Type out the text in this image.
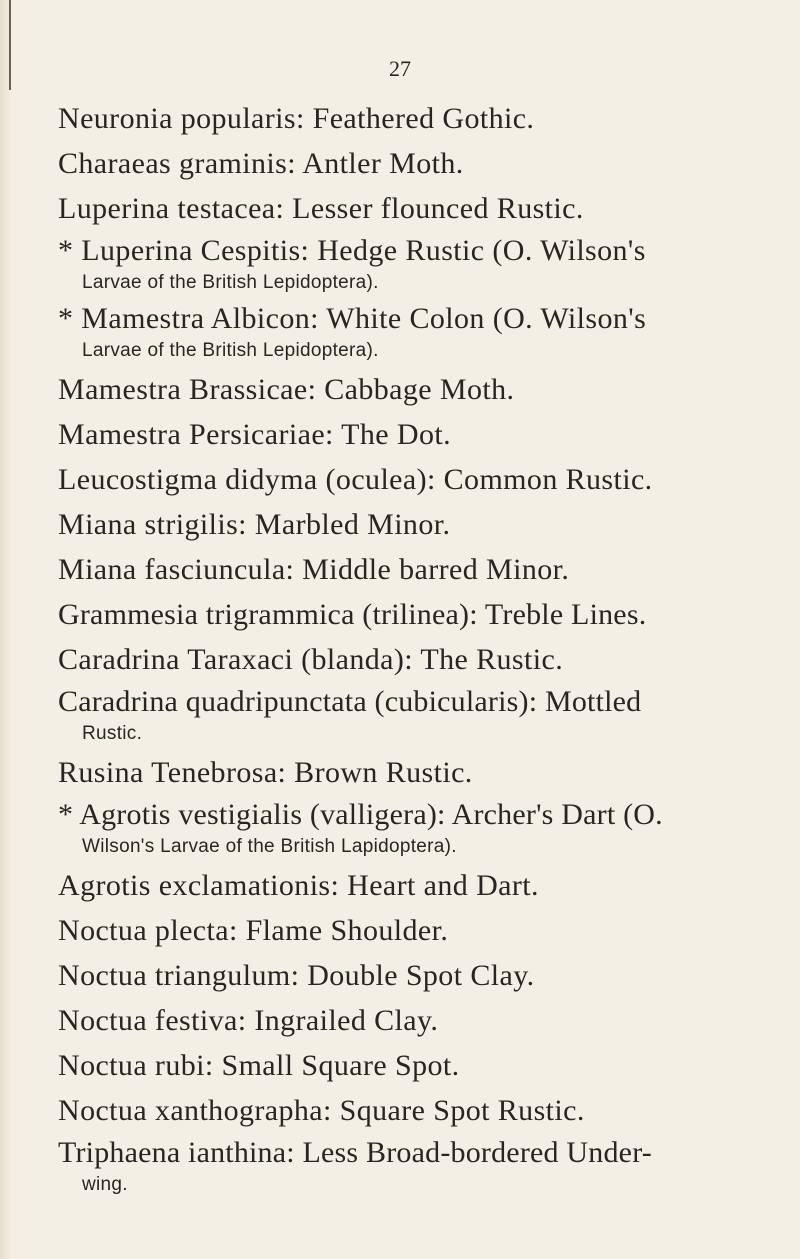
27
Neuronia popularis: Feathered Gothic.
Charaeas graminis: Antler Moth.
Luperina testacea: Lesser flounced Rustic.
* Luperina Cespitis: Hedge Rustic (O. Wilson's
Larvae of the British Lepidoptera).
* Mamestra Albicon: White Colon (O. Wilson's
Larvae of the British Lepidoptera).
Mamestra Brassicae: Cabbage Moth.
Mamestra Persicariae: The Dot.
Leucostigma didyma (oculea): Common Rustic.
Miana strigilis: Marbled Minor.
Miana fasciuncula: Middle barred Minor.
Grammesia trigrammica (trilinea): Treble Lines.
Caradrina Taraxaci (blanda): The Rustic.
Caradrina quadripunctata (cubicularis): Mottled
Rustic.
Rusina Tenebrosa: Brown Rustic.
* Agrotis vestigialis (valligera): Archer's Dart (O.
Wilson's Larvae of the British Lapidoptera).
Agrotis exclamationis: Heart and Dart.
Noctua plecta: Flame Shoulder.
Noctua triangulum: Double Spot Clay.
Noctua festiva: Ingrailed Clay.
Noctua rubi: Small Square Spot.
Noctua xanthographa: Square Spot Rustic.
Triphaena ianthina: Less Broad-bordered Under-
wing.
